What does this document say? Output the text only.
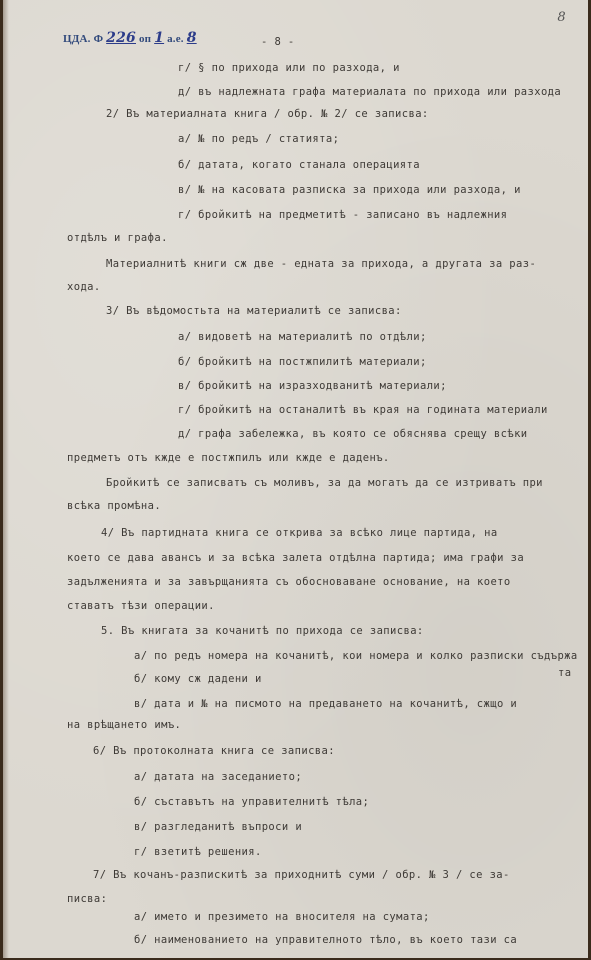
ЦДА. Ф 226 оп 1 а.е. 8
8
- 8 -
г/ § по прихода или по разхода, и
д/ въ надлежната графа материалата по прихода или разхода
2/ Въ материалната книга / обр. № 2/ се записва:
а/ № по редъ / статията;
б/ датата, когато станала операцията
в/ № на касовата разписка за прихода или разхода, и
г/ бройкитѣ на предметитѣ - записано въ надлежния
отдѣлъ и графа.
Материалнитѣ книги сж две - едната за прихода, а другата за раз-
хода.
3/ Въ вѣдомостьта на материалитѣ се записва:
а/ видоветѣ на материалитѣ по отдѣли;
б/ бройкитѣ на постжпилитѣ материали;
в/ бройкитѣ на изразходванитѣ материали;
г/ бройкитѣ на останалитѣ въ края на годината материали
д/ графа забележка, въ която се обяснява срещу всѣки
предметъ отъ кжде е постжпилъ или кжде е даденъ.
Бройкитѣ се записватъ съ моливъ, за да могатъ да се изтриватъ при
всѣка промѣна.
4/ Въ партидната книга се открива за всѣко лице партида, на
което се дава авансъ и за всѣка залета отдѣлна партида; има графи за
задълженията и за завърщанията съ обосноваване основание, на което
ставатъ тѣзи операции.
5. Въ книгата за кочанитѣ по прихода се записва:
а/ по редъ номера на кочанитѣ, кои номера и колко разписки съдържа
б/ кому сж дадени и	та
в/ дата и № на писмото на предаването на кочанитѣ, сжщо и
на врѣщането имъ.
6/ Въ протоколната книга се записва:
а/ датата на заседанието;
б/ съставътъ на управителнитѣ тѣла;
в/ разгледанитѣ въпроси и
г/ взетитѣ решения.
7/ Въ кочанъ-разпискитѣ за приходнитѣ суми / обр. № 3 / се за-
писва:
а/ името и презимето на вносителя на сумата;
б/ наименованието на управителното тѣло, въ което тази са
